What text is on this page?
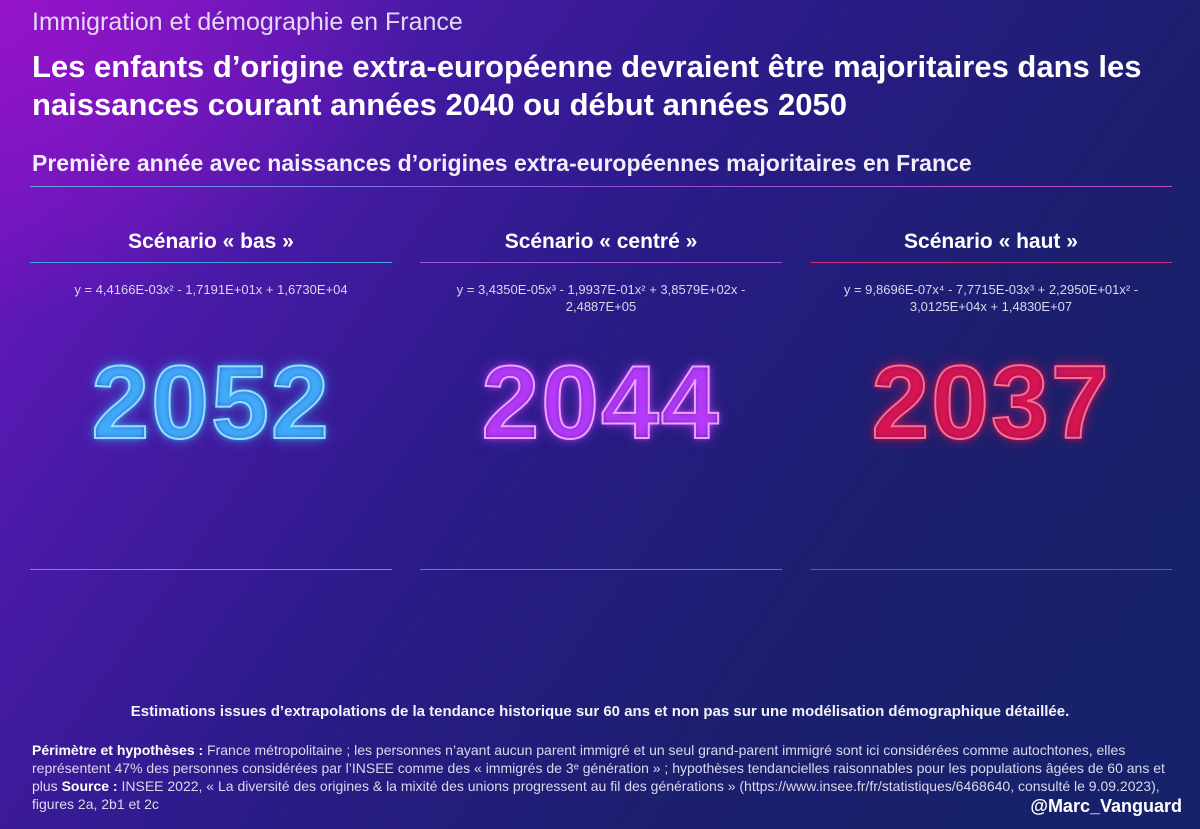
Immigration et démographie en France
Les enfants d’origine extra-européenne devraient être majoritaires dans les naissances courant années 2040 ou début années 2050
Première année avec naissances d’origines extra-européennes majoritaires en France
Scénario « bas »
y = 4,4166E-03x² - 1,7191E+01x + 1,6730E+04
2052
Scénario « centré »
y = 3,4350E-05x³ - 1,9937E-01x² + 3,8579E+02x - 2,4887E+05
2044
Scénario « haut »
y = 9,8696E-07x⁴ - 7,7715E-03x³ + 2,2950E+01x² - 3,0125E+04x + 1,4830E+07
2037
Estimations issues d’extrapolations de la tendance historique sur 60 ans et non pas sur une modélisation démographique détaillée.
Périmètre et hypothèses : France métropolitaine ; les personnes n’ayant aucun parent immigré et un seul grand-parent immigré sont ici considérées comme autochtones, elles représentent 47% des personnes considérées par l’INSEE comme des « immigrés de 3ᵉ génération » ; hypothèses tendancielles raisonnables pour les populations âgées de 60 ans et plus Source : INSEE 2022, « La diversité des origines & la mixité des unions progressent au fil des générations » (https://www.insee.fr/fr/statistiques/6468640, consulté le 9.09.2023), figures 2a, 2b1 et 2c	@Marc_Vanguard
